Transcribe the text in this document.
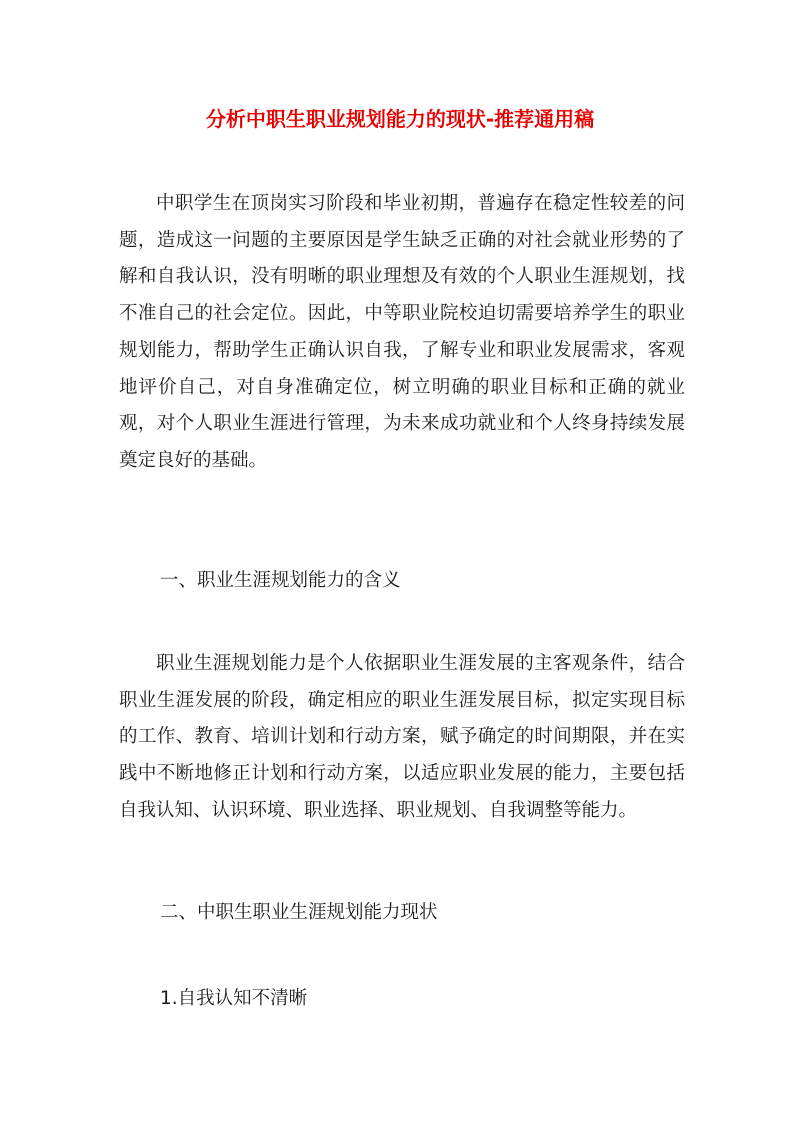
分析中职生职业规划能力的现状-推荐通用稿

中职学生在顶岗实习阶段和毕业初期，普遍存在稳定性较差的问题，造成这一问题的主要原因是学生缺乏正确的对社会就业形势的了解和自我认识，没有明晰的职业理想及有效的个人职业生涯规划，找不准自己的社会定位。因此，中等职业院校迫切需要培养学生的职业规划能力，帮助学生正确认识自我，了解专业和职业发展需求，客观地评价自己，对自身准确定位，树立明确的职业目标和正确的就业观，对个人职业生涯进行管理，为未来成功就业和个人终身持续发展奠定良好的基础。

一、职业生涯规划能力的含义

职业生涯规划能力是个人依据职业生涯发展的主客观条件，结合职业生涯发展的阶段，确定相应的职业生涯发展目标，拟定实现目标的工作、教育、培训计划和行动方案，赋予确定的时间期限，并在实践中不断地修正计划和行动方案，以适应职业发展的能力，主要包括自我认知、认识环境、职业选择、职业规划、自我调整等能力。

二、中职生职业生涯规划能力现状

1.自我认知不清晰
